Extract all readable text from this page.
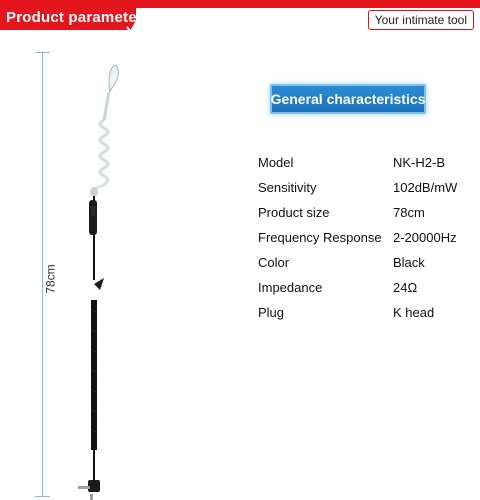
Product parameters	Your intimate tool
General characteristics
Model	NK-H2-B
Sensitivity	102dB/mW
Product size	78cm
Frequency Response	2-20000Hz
Color	Black
Impedance	24Ω
Plug	K head
78cm
